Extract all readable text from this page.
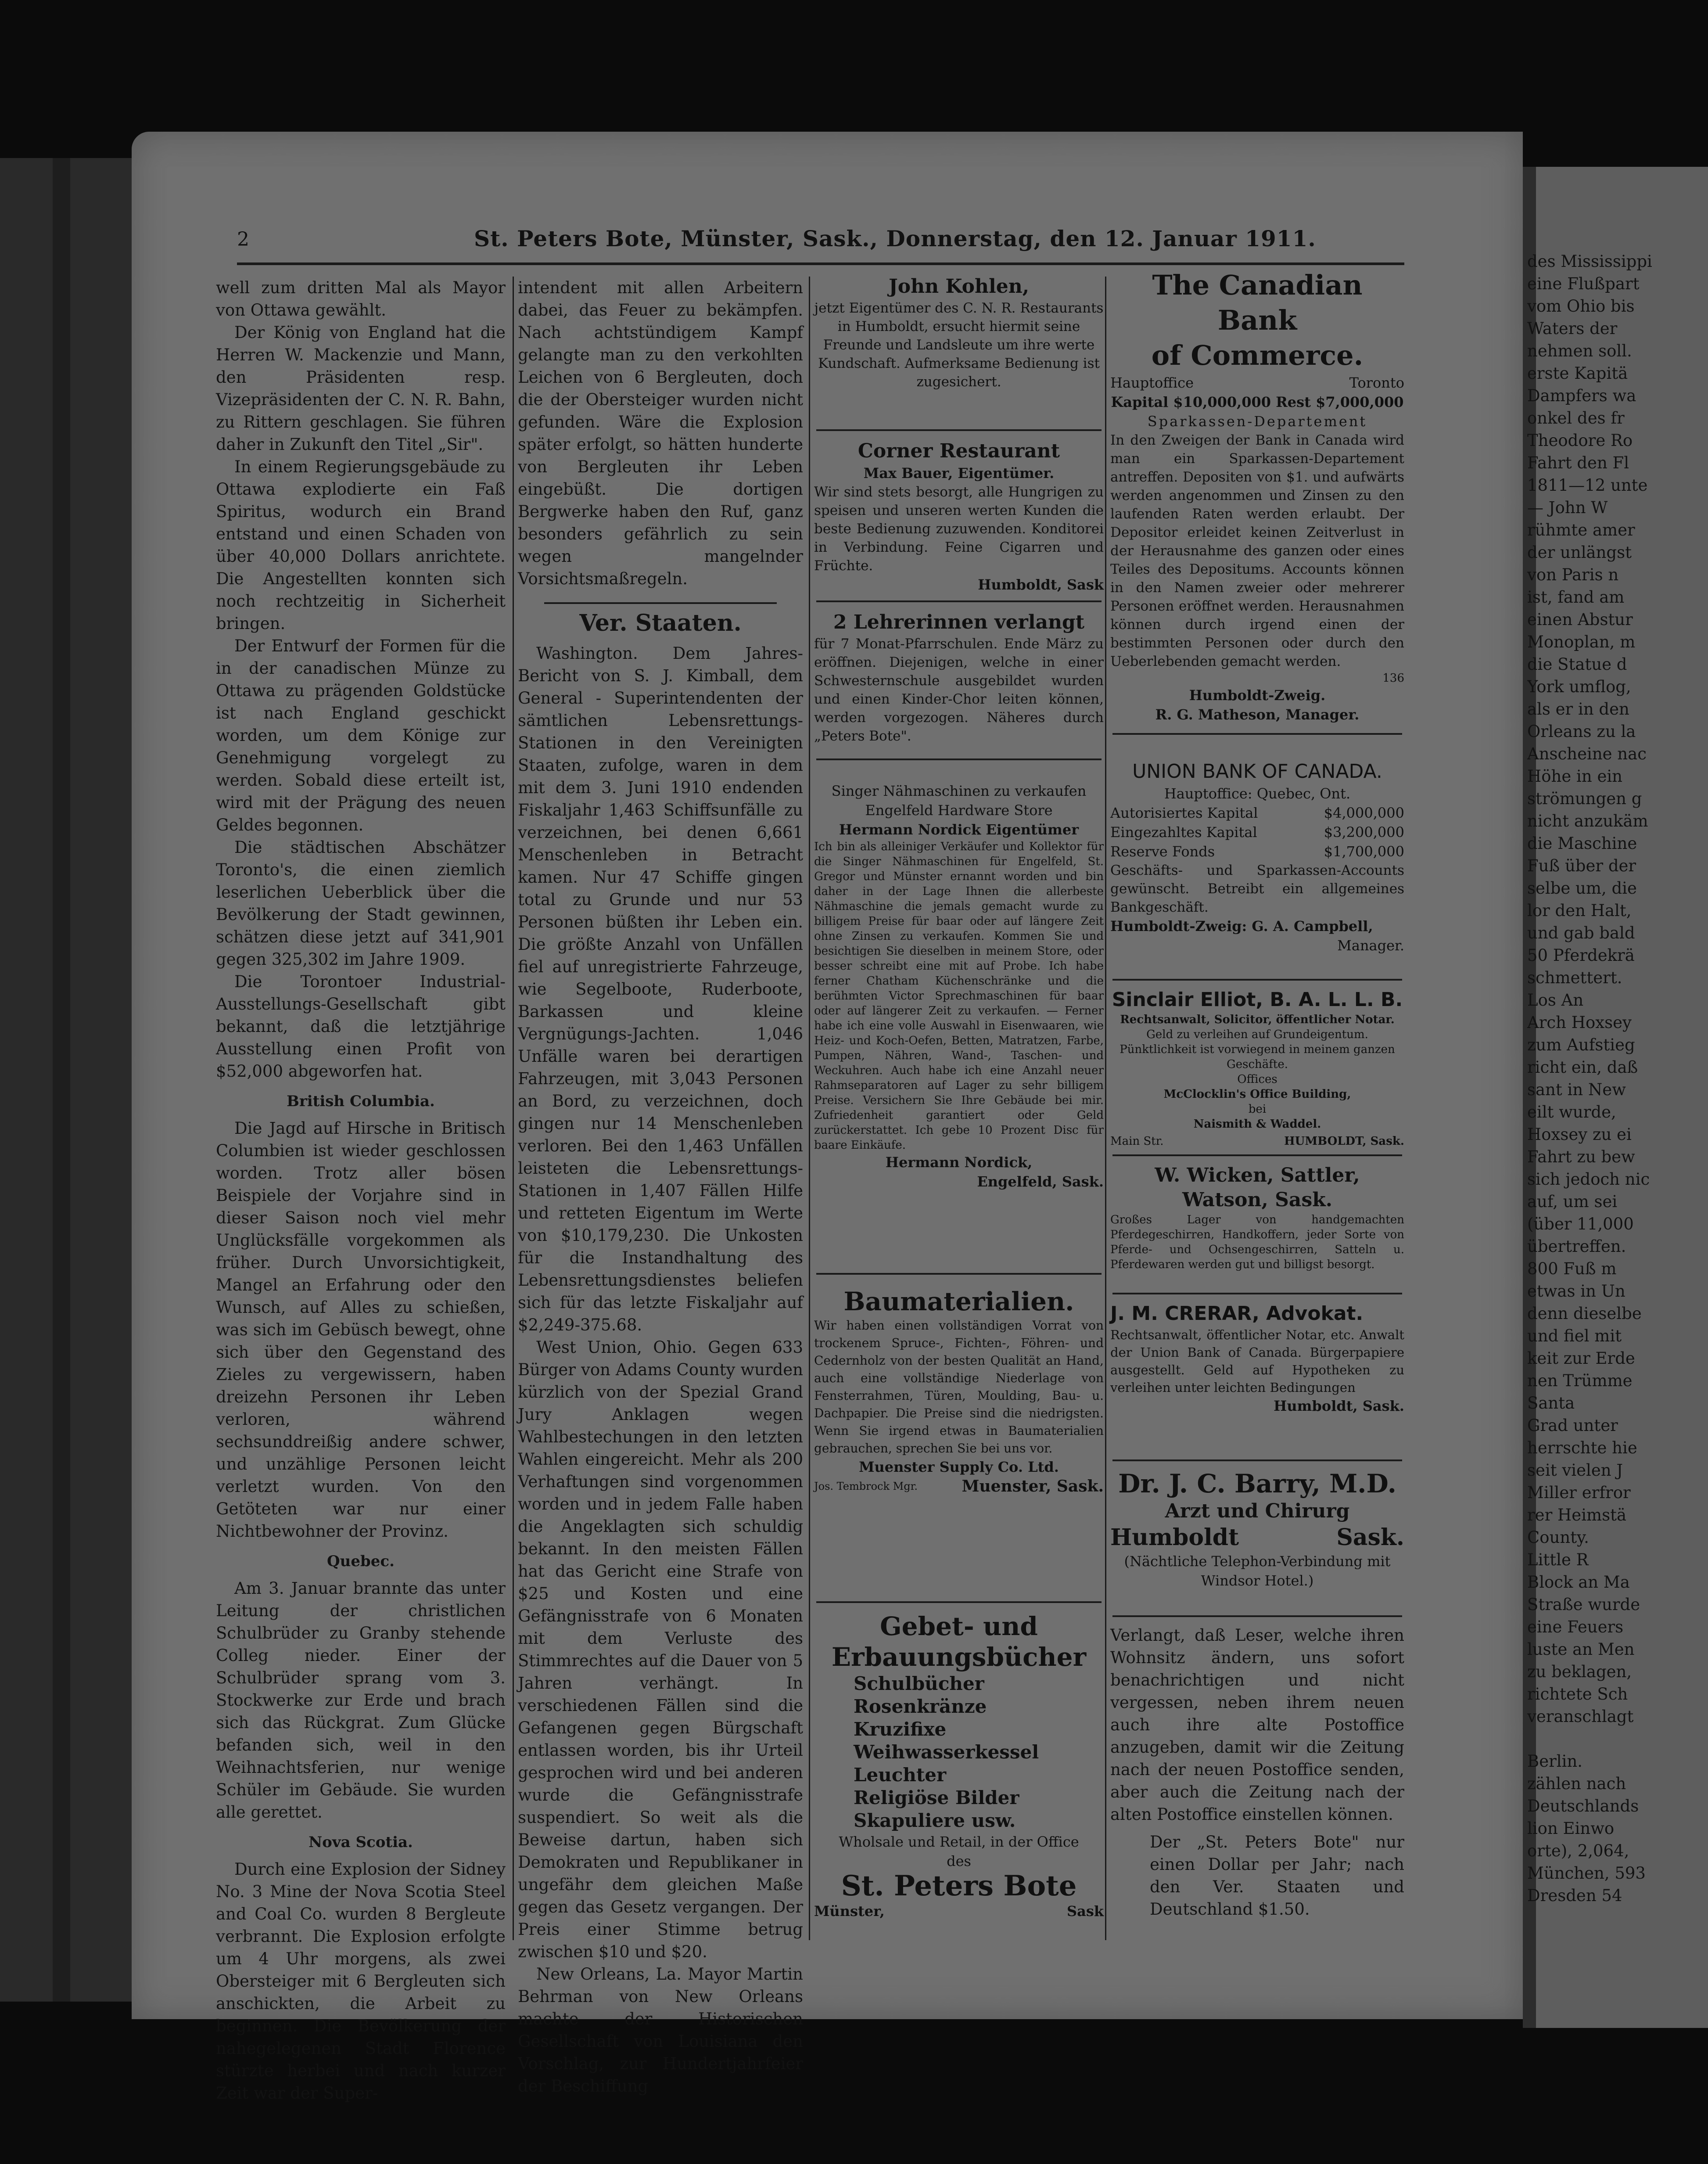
2	St. Peters Bote, Münster, Sask., Donnerstag, den 12. Januar 1911.

well zum dritten Mal als Mayor von Ottawa gewählt.

Der König von England hat die Herren W. Mackenzie und Mann, den Präsidenten resp. Vizepräsidenten der C. N. R. Bahn, zu Rittern geschlagen. Sie führen daher in Zukunft den Titel „Sir".

In einem Regierungsgebäude zu Ottawa explodierte ein Faß Spiritus, wodurch ein Brand entstand und einen Schaden von über 40,000 Dollars anrichtete. Die Angestellten konnten sich noch rechtzeitig in Sicherheit bringen.

Der Entwurf der Formen für die in der canadischen Münze zu Ottawa zu prägenden Goldstücke ist nach England geschickt worden, um dem Könige zur Genehmigung vorgelegt zu werden. Sobald diese erteilt ist, wird mit der Prägung des neuen Geldes begonnen.

Die städtischen Abschätzer Toronto's, die einen ziemlich leserlichen Ueberblick über die Bevölkerung der Stadt gewinnen, schätzen diese jetzt auf 341,901 gegen 325,302 im Jahre 1909.

Die Torontoer Industrial-Ausstellungs-Gesellschaft gibt bekannt, daß die letztjährige Ausstellung einen Profit von $52,000 abgeworfen hat.

British Columbia.

Die Jagd auf Hirsche in Britisch Columbien ist wieder geschlossen worden. Trotz aller bösen Beispiele der Vorjahre sind in dieser Saison noch viel mehr Unglücksfälle vorgekommen als früher. Durch Unvorsichtigkeit, Mangel an Erfahrung oder den Wunsch, auf Alles zu schießen, was sich im Gebüsch bewegt, ohne sich über den Gegenstand des Zieles zu vergewissern, haben dreizehn Personen ihr Leben verloren, während sechsunddreißig andere schwer, und unzählige Personen leicht verletzt wurden. Von den Getöteten war nur einer Nichtbewohner der Provinz.

Quebec.

Am 3. Januar brannte das unter Leitung der christlichen Schulbrüder zu Granby stehende Colleg nieder. Einer der Schulbrüder sprang vom 3. Stockwerke zur Erde und brach sich das Rückgrat. Zum Glücke befanden sich, weil in den Weihnachtsferien, nur wenige Schüler im Gebäude. Sie wurden alle gerettet.

Nova Scotia.

Durch eine Explosion der Sidney No. 3 Mine der Nova Scotia Steel and Coal Co. wurden 8 Bergleute verbrannt. Die Explosion erfolgte um 4 Uhr morgens, als zwei Obersteiger mit 6 Bergleuten sich anschickten, die Arbeit zu beginnen. Die Bevölkerung der nahegelegenen Stadt Florence stürzte herbei und nach kurzer Zeit war der Super-

intendent mit allen Arbeitern dabei, das Feuer zu bekämpfen. Nach achtstündigem Kampf gelangte man zu den verkohlten Leichen von 6 Bergleuten, doch die der Obersteiger wurden nicht gefunden. Wäre die Explosion später erfolgt, so hätten hunderte von Bergleuten ihr Leben eingebüßt. Die dortigen Bergwerke haben den Ruf, ganz besonders gefährlich zu sein wegen mangelnder Vorsichtsmaßregeln.

Ver. Staaten.

Washington. Dem Jahres-Bericht von S. J. Kimball, dem General - Superintendenten der sämtlichen Lebensrettungs-Stationen in den Vereinigten Staaten, zufolge, waren in dem mit dem 3. Juni 1910 endenden Fiskaljahr 1,463 Schiffsunfälle zu verzeichnen, bei denen 6,661 Menschenleben in Betracht kamen. Nur 47 Schiffe gingen total zu Grunde und nur 53 Personen büßten ihr Leben ein. Die größte Anzahl von Unfällen fiel auf unregistrierte Fahrzeuge, wie Segelboote, Ruderboote, Barkassen und kleine Vergnügungs-Jachten. 1,046 Unfälle waren bei derartigen Fahrzeugen, mit 3,043 Personen an Bord, zu verzeichnen, doch gingen nur 14 Menschenleben verloren. Bei den 1,463 Unfällen leisteten die Lebensrettungs-Stationen in 1,407 Fällen Hilfe und retteten Eigentum im Werte von $10,179,230. Die Unkosten für die Instandhaltung des Lebensrettungsdienstes beliefen sich für das letzte Fiskaljahr auf $2,249-375.68.

West Union, Ohio. Gegen 633 Bürger von Adams County wurden kürzlich von der Spezial Grand Jury Anklagen wegen Wahlbestechungen in den letzten Wahlen eingereicht. Mehr als 200 Verhaftungen sind vorgenommen worden und in jedem Falle haben die Angeklagten sich schuldig bekannt. In den meisten Fällen hat das Gericht eine Strafe von $25 und Kosten und eine Gefängnisstrafe von 6 Monaten mit dem Verluste des Stimmrechtes auf die Dauer von 5 Jahren verhängt. In verschiedenen Fällen sind die Gefangenen gegen Bürgschaft entlassen worden, bis ihr Urteil gesprochen wird und bei anderen wurde die Gefängnisstrafe suspendiert. So weit als die Beweise dartun, haben sich Demokraten und Republikaner in ungefähr dem gleichen Maße gegen das Gesetz vergangen. Der Preis einer Stimme betrug zwischen $10 und $20.

New Orleans, La. Mayor Martin Behrman von New Orleans machte der Historischen Gesellschaft von Louisiana den Vorschlag, zur Hundertjahrfeier der Beschiffung

John Kohlen,
jetzt Eigentümer des C. N. R. Restaurants in Humboldt, ersucht hiermit seine Freunde und Landsleute um ihre werte Kundschaft. Aufmerksame Bedienung ist zugesichert.
Corner Restaurant
Max Bauer, Eigentümer.
Wir sind stets besorgt, alle Hungrigen zu speisen und unseren werten Kunden die beste Bedienung zuzuwenden. Konditorei in Verbindung. Feine Cigarren und Früchte.
Humboldt, Sask
2 Lehrerinnen verlangt
für 7 Monat-Pfarrschulen. Ende März zu eröffnen. Diejenigen, welche in einer Schwesternschule ausgebildet wurden und einen Kinder-Chor leiten können, werden vorgezogen. Näheres durch „Peters Bote".
Singer Nähmaschinen zu verkaufen
Engelfeld Hardware Store
Hermann Nordick Eigentümer
Ich bin als alleiniger Verkäufer und Kollektor für die Singer Nähmaschinen für Engelfeld, St. Gregor und Münster ernannt worden und bin daher in der Lage Ihnen die allerbeste Nähmaschine die jemals gemacht wurde zu billigem Preise für baar oder auf längere Zeit ohne Zinsen zu verkaufen. Kommen Sie und besichtigen Sie dieselben in meinem Store, oder besser schreibt eine mit auf Probe. Ich habe ferner Chatham Küchenschränke und die berühmten Victor Sprechmaschinen für baar oder auf längerer Zeit zu verkaufen. — Ferner habe ich eine volle Auswahl in Eisenwaaren, wie Heiz- und Koch-Oefen, Betten, Matratzen, Farbe, Pumpen, Nähren, Wand-, Taschen- und Weckuhren. Auch habe ich eine Anzahl neuer Rahmseparatoren auf Lager zu sehr billigem Preise. Versichern Sie Ihre Gebäude bei mir. Zufriedenheit garantiert oder Geld zurückerstattet. Ich gebe 10 Prozent Disc für baare Einkäufe.
Hermann Nordick,
Engelfeld, Sask.
Baumaterialien.
Wir haben einen vollständigen Vorrat von trockenem Spruce-, Fichten-, Föhren- und Cedernholz von der besten Qualität an Hand, auch eine vollständige Niederlage von Fensterrahmen, Türen, Moulding, Bau- u. Dachpapier. Die Preise sind die niedrigsten. Wenn Sie irgend etwas in Baumaterialien gebrauchen, sprechen Sie bei uns vor.
Muenster Supply Co. Ltd.
Jos. Tembrock Mgr.	Muenster, Sask.
Gebet- und Erbauungsbücher
Schulbücher
Rosenkränze
Kruzifixe
Weihwasserkessel
Leuchter
Religiöse Bilder
Skapuliere usw.
Wholsale und Retail, in der Office
des
St. Peters Bote
Münster,	Sask
The Canadian Bank
of Commerce.
Hauptoffice	Toronto
Kapital $10,000,000 Rest $7,000,000
Sparkassen-Departement
In den Zweigen der Bank in Canada wird man ein Sparkassen-Departement antreffen. Depositen von $1. und aufwärts werden angenommen und Zinsen zu den laufenden Raten werden erlaubt. Der Depositor erleidet keinen Zeitverlust in der Herausnahme des ganzen oder eines Teiles des Depositums. Accounts können in den Namen zweier oder mehrerer Personen eröffnet werden. Herausnahmen können durch irgend einen der bestimmten Personen oder durch den Ueberlebenden gemacht werden.
136
Humboldt-Zweig.
R. G. Matheson, Manager.
UNION BANK OF CANADA.
Hauptoffice: Quebec, Ont.
Autorisiertes Kapital	$4,000,000
Eingezahltes Kapital	$3,200,000
Reserve Fonds	$1,700,000
Geschäfts- und Sparkassen-Accounts gewünscht. Betreibt ein allgemeines Bankgeschäft.
Humboldt-Zweig: G. A. Campbell,
Manager.
Sinclair Elliot, B. A. L. L. B.
Rechtsanwalt, Solicitor, öffentlicher Notar.
Geld zu verleihen auf Grundeigentum. Pünktlichkeit ist vorwiegend in meinem ganzen Geschäfte.
Offices
McClocklin's Office Building,
bei
Naismith & Waddel.
Main Str.	HUMBOLDT, Sask.
W. Wicken, Sattler,
Watson, Sask.
Großes Lager von handgemachten Pferdegeschirren, Handkoffern, jeder Sorte von Pferde- und Ochsengeschirren, Satteln u. Pferdewaren werden gut und billigst besorgt.
J. M. CRERAR, Advokat.
Rechtsanwalt, öffentlicher Notar, etc. Anwalt der Union Bank of Canada. Bürgerpapiere ausgestellt. Geld auf Hypotheken zu verleihen unter leichten Bedingungen
Humboldt, Sask.
Dr. J. C. Barry, M.D.
Arzt und Chirurg
Humboldt	Sask.
(Nächtliche Telephon-Verbindung mit Windsor Hotel.)
Verlangt, daß Leser, welche ihren Wohnsitz ändern, uns sofort benachrichtigen und nicht vergessen, neben ihrem neuen auch ihre alte Postoffice anzugeben, damit wir die Zeitung nach der neuen Postoffice senden, aber auch die Zeitung nach der alten Postoffice einstellen können.
Der „St. Peters Bote" nur einen Dollar per Jahr; nach den Ver. Staaten und Deutschland $1.50.
des Mississippi
eine Flußpart
vom Ohio bis
Waters der
nehmen soll.
erste Kapitä
Dampfers wa
onkel des fr
Theodore Ro
Fahrt den Fl
1811—12 unte
— John W
rühmte amer
der unlängst
von Paris n
ist, fand am
einen Abstur
Monoplan, m
die Statue d
York umflog,
als er in den
Orleans zu la
Anscheine nac
Höhe in ein
strömungen g
nicht anzukäm
die Maschine
Fuß über der
selbe um, die
lor den Halt,
und gab bald
50 Pferdekrä
schmettert.
Los An
Arch Hoxsey
zum Aufstieg
richt ein, daß
sant in New
eilt wurde,
Hoxsey zu ei
Fahrt zu bew
sich jedoch nic
auf, um sei
(über 11,000
übertreffen.
800 Fuß m
etwas in Un
denn dieselbe
und fiel mit
keit zur Erde
nen Trümme
Santa
Grad unter
herrschte hie
seit vielen J
Miller erfror
rer Heimstä
County.
Little R
Block an Ma
Straße wurde
eine Feuers
luste an Men
zu beklagen,
richtete Sch
veranschlagt
Berlin.
zählen nach
Deutschlands
lion Einwo
orte), 2,064,
München, 593
Dresden 54
